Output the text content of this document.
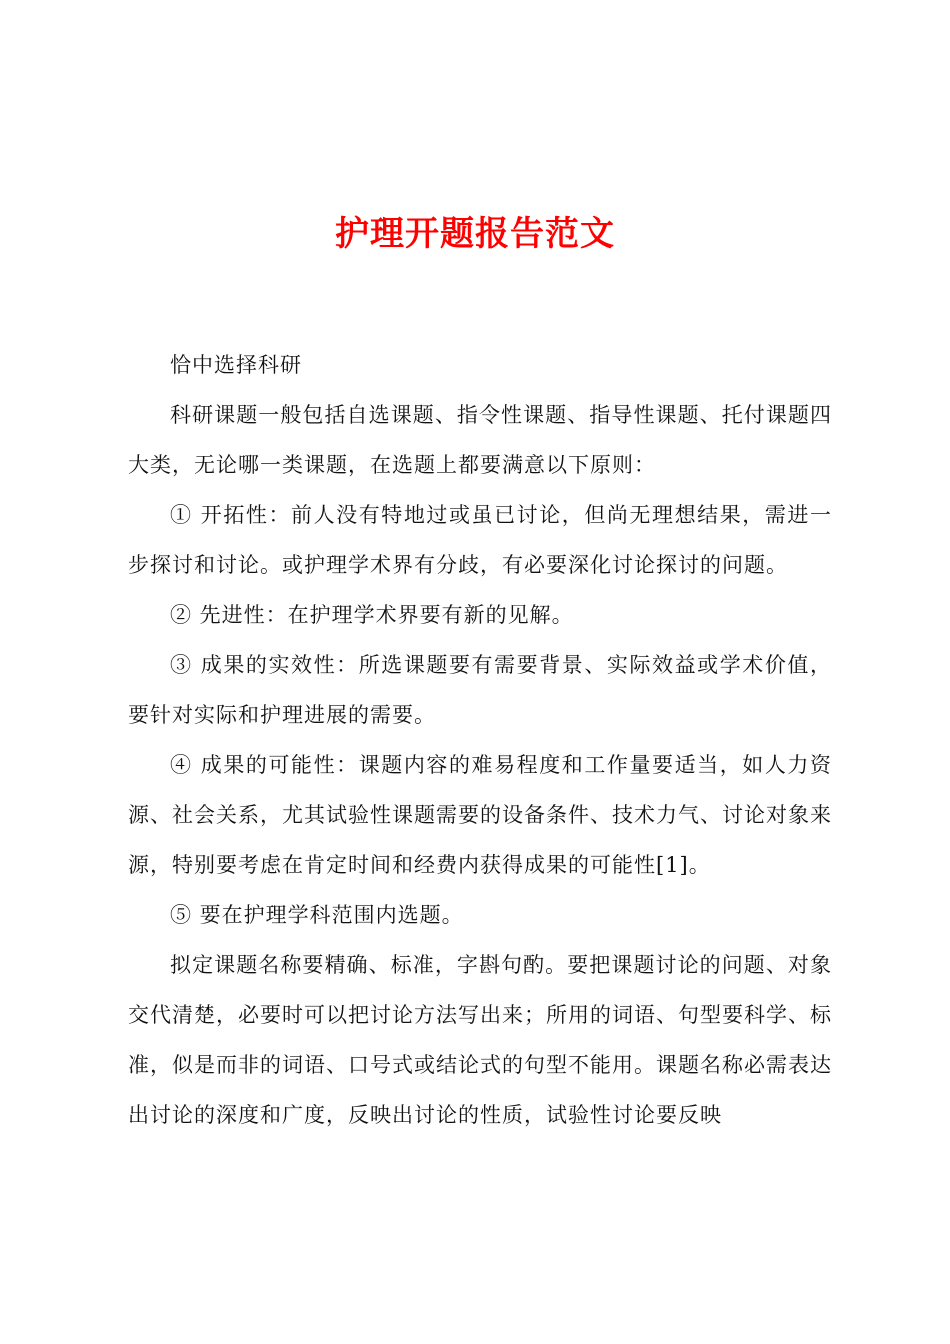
护理开题报告范文

恰中选择科研

科研课题一般包括自选课题、指令性课题、指导性课题、托付课题四大类，无论哪一类课题，在选题上都要满意以下原则：

① 开拓性：前人没有特地过或虽已讨论，但尚无理想结果，需进一步探讨和讨论。或护理学术界有分歧，有必要深化讨论探讨的问题。

② 先进性：在护理学术界要有新的见解。

③ 成果的实效性：所选课题要有需要背景、实际效益或学术价值，要针对实际和护理进展的需要。

④ 成果的可能性：课题内容的难易程度和工作量要适当，如人力资源、社会关系，尤其试验性课题需要的设备条件、技术力气、讨论对象来源，特别要考虑在肯定时间和经费内获得成果的可能性[1]。

⑤ 要在护理学科范围内选题。

拟定课题名称要精确、标准，字斟句酌。要把课题讨论的问题、对象交代清楚，必要时可以把讨论方法写出来；所用的词语、句型要科学、标准，似是而非的词语、口号式或结论式的句型不能用。课题名称必需表达出讨论的深度和广度，反映出讨论的性质，试验性讨论要反映
